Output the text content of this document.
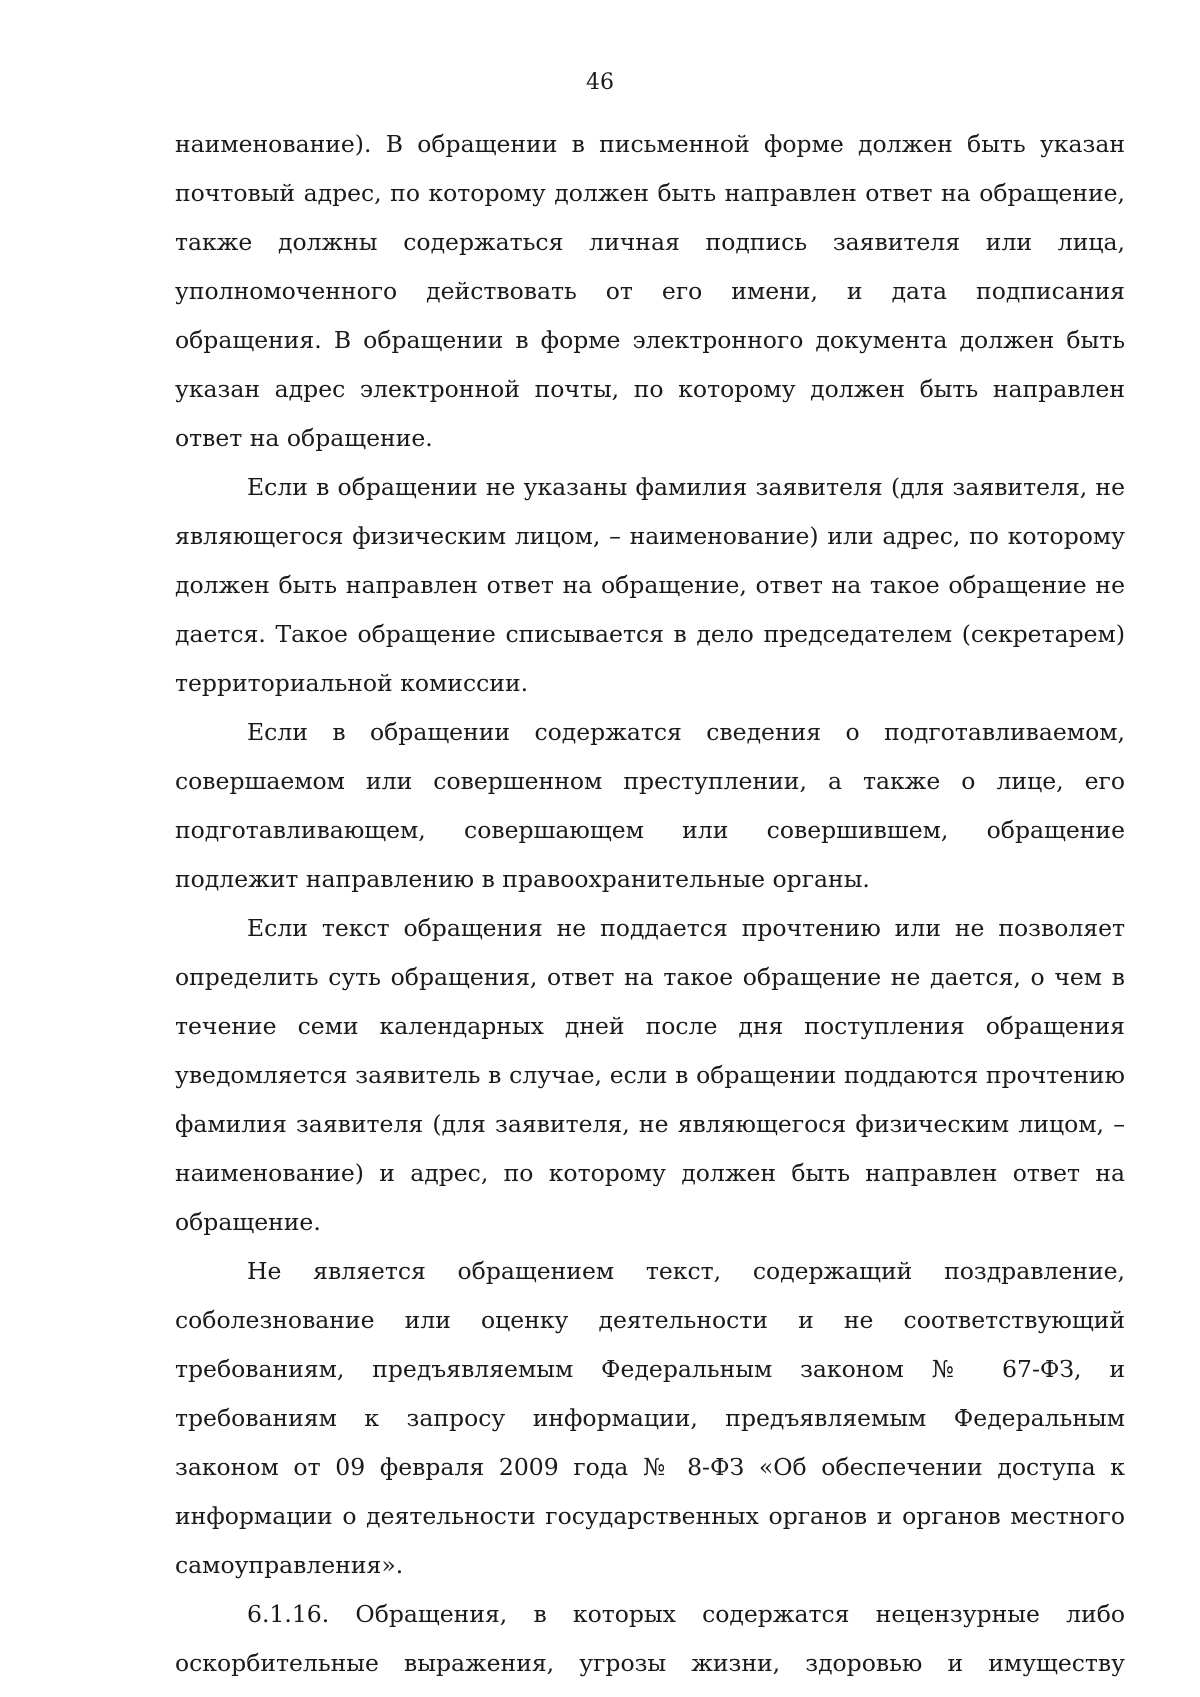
46

наименование). В обращении в письменной форме должен быть указан почтовый адрес, по которому должен быть направлен ответ на обращение, также должны содержаться личная подпись заявителя или лица, уполномоченного действовать от его имени, и дата подписания обращения. В обращении в форме электронного документа должен быть указан адрес электронной почты, по которому должен быть направлен ответ на обращение.

Если в обращении не указаны фамилия заявителя (для заявителя, не являющегося физическим лицом, – наименование) или адрес, по которому должен быть направлен ответ на обращение, ответ на такое обращение не дается. Такое обращение списывается в дело председателем (секретарем) территориальной комиссии.

Если в обращении содержатся сведения о подготавливаемом, совершаемом или совершенном преступлении, а также о лице, его подготавливающем, совершающем или совершившем, обращение подлежит направлению в правоохранительные органы.

Если текст обращения не поддается прочтению или не позволяет определить суть обращения, ответ на такое обращение не дается, о чем в течение семи календарных дней после дня поступления обращения уведомляется заявитель в случае, если в обращении поддаются прочтению фамилия заявителя (для заявителя, не являющегося физическим лицом, – наименование) и адрес, по которому должен быть направлен ответ на обращение.

Не является обращением текст, содержащий поздравление, соболезнование или оценку деятельности и не соответствующий требованиям, предъявляемым Федеральным законом № 67-ФЗ, и требованиям к запросу информации, предъявляемым Федеральным законом от 09 февраля 2009 года № 8-ФЗ «Об обеспечении доступа к информации о деятельности государственных органов и органов местного самоуправления».

6.1.16. Обращения, в которых содержатся нецензурные либо оскорбительные выражения, угрозы жизни, здоровью и имуществу
